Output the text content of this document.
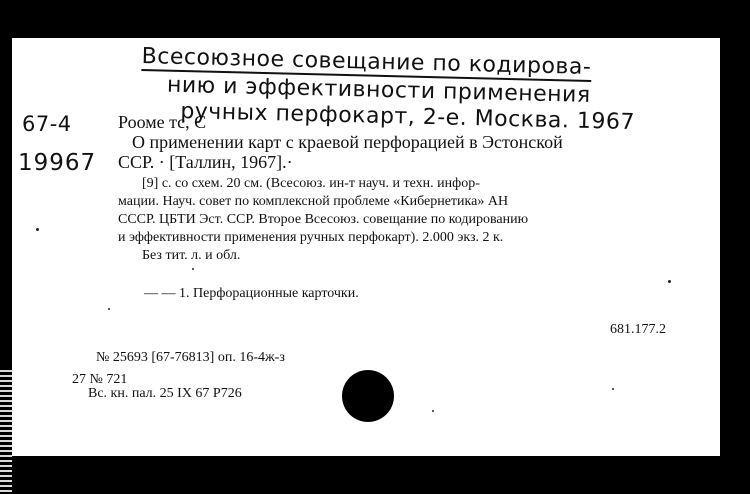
Всесоюзное совещание по кодирова-
нию и эффективности применения
ручных перфокарт, 2-е. Москва. 1967
67-4
19967
Рооме тс, С
О применении карт с краевой перфорацией в Эстонской
ССР. · [Таллин, 1967].·
[9] с. со схем. 20 см. (Всесоюз. ин-т науч. и техн. инфор-
мации. Науч. совет по комплексной проблеме «Кибернетика» АН
СССР. ЦБТИ Эст. ССР. Второе Всесоюз. совещание по кодированию
и эффективности применения ручных перфокарт). 2.000 экз. 2 к.
Без тит. л. и обл.
— — 1. Перфорационные карточки.
681.177.2
№ 25693 [67-76813] оп. 16-4ж-з
27 № 721
Вс. кн. пал. 25 IX 67 Р726
